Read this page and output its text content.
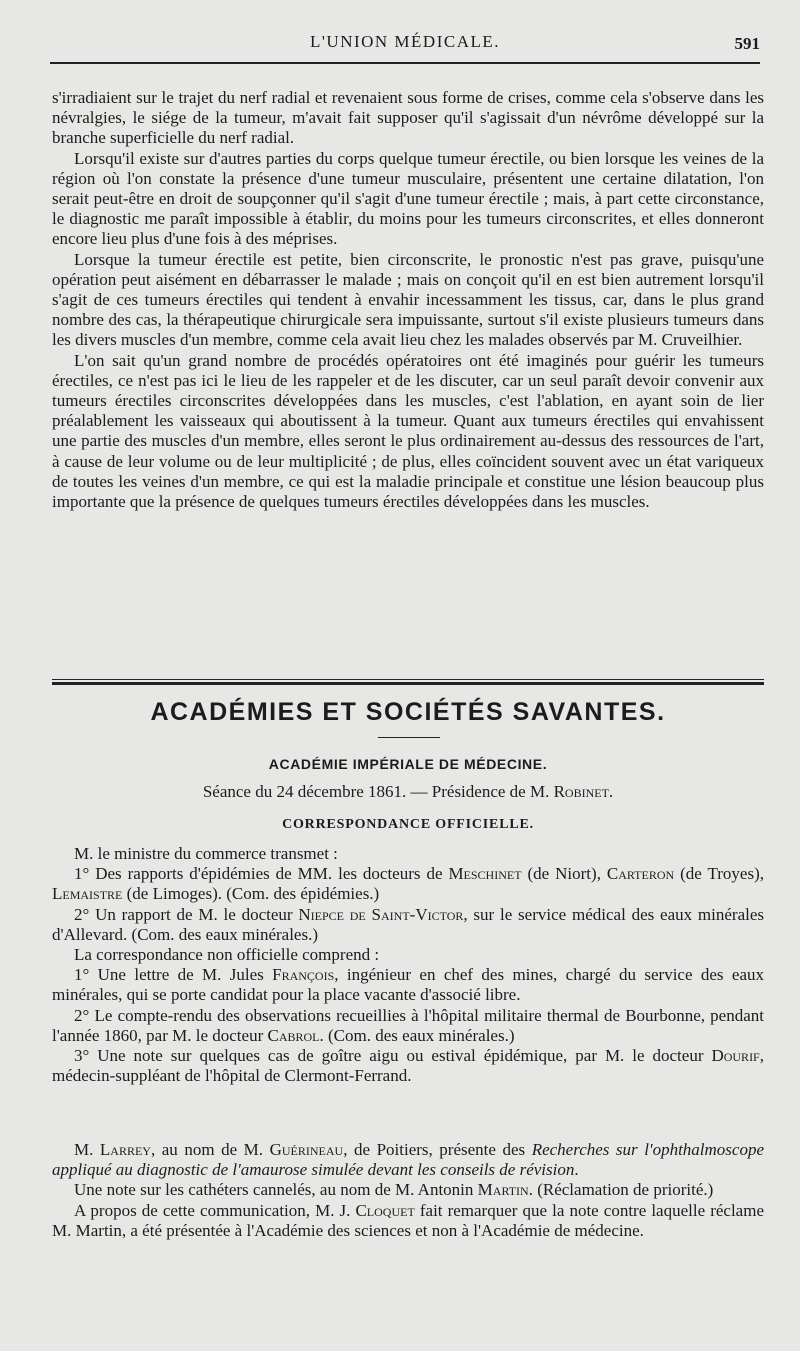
L'UNION MÉDICALE.	591

s'irradiaient sur le trajet du nerf radial et revenaient sous forme de crises, comme cela s'observe dans les névralgies, le siége de la tumeur, m'avait fait supposer qu'il s'agissait d'un névrôme développé sur la branche superficielle du nerf radial.

Lorsqu'il existe sur d'autres parties du corps quelque tumeur érectile, ou bien lorsque les veines de la région où l'on constate la présence d'une tumeur musculaire, présentent une certaine dilatation, l'on serait peut-être en droit de soupçonner qu'il s'agit d'une tumeur érectile ; mais, à part cette circonstance, le diagnostic me paraît impossible à établir, du moins pour les tumeurs circonscrites, et elles donneront encore lieu plus d'une fois à des méprises.

Lorsque la tumeur érectile est petite, bien circonscrite, le pronostic n'est pas grave, puisqu'une opération peut aisément en débarrasser le malade ; mais on conçoit qu'il en est bien autrement lorsqu'il s'agit de ces tumeurs érectiles qui tendent à envahir incessamment les tissus, car, dans le plus grand nombre des cas, la thérapeutique chirurgicale sera impuissante, surtout s'il existe plusieurs tumeurs dans les divers muscles d'un membre, comme cela avait lieu chez les malades observés par M. Cruveilhier.

L'on sait qu'un grand nombre de procédés opératoires ont été imaginés pour guérir les tumeurs érectiles, ce n'est pas ici le lieu de les rappeler et de les discuter, car un seul paraît devoir convenir aux tumeurs érectiles circonscrites développées dans les muscles, c'est l'ablation, en ayant soin de lier préalablement les vaisseaux qui aboutissent à la tumeur. Quant aux tumeurs érectiles qui envahissent une partie des muscles d'un membre, elles seront le plus ordinairement au-dessus des ressources de l'art, à cause de leur volume ou de leur multiplicité ; de plus, elles coïncident souvent avec un état variqueux de toutes les veines d'un membre, ce qui est la maladie principale et constitue une lésion beaucoup plus importante que la présence de quelques tumeurs érectiles développées dans les muscles.

ACADÉMIES ET SOCIÉTÉS SAVANTES.
ACADÉMIE IMPÉRIALE DE MÉDECINE.
Séance du 24 décembre 1861. — Présidence de M. Robinet.
CORRESPONDANCE OFFICIELLE.

M. le ministre du commerce transmet :

1° Des rapports d'épidémies de MM. les docteurs de Meschinet (de Niort), Carteron (de Troyes), Lemaistre (de Limoges). (Com. des épidémies.)

2° Un rapport de M. le docteur Niepce de Saint-Victor, sur le service médical des eaux minérales d'Allevard. (Com. des eaux minérales.)

La correspondance non officielle comprend :

1° Une lettre de M. Jules François, ingénieur en chef des mines, chargé du service des eaux minérales, qui se porte candidat pour la place vacante d'associé libre.

2° Le compte-rendu des observations recueillies à l'hôpital militaire thermal de Bourbonne, pendant l'année 1860, par M. le docteur Cabrol. (Com. des eaux minérales.)

3° Une note sur quelques cas de goître aigu ou estival épidémique, par M. le docteur Dourif, médecin-suppléant de l'hôpital de Clermont-Ferrand.

M. Larrey, au nom de M. Guérineau, de Poitiers, présente des Recherches sur l'ophthalmoscope appliqué au diagnostic de l'amaurose simulée devant les conseils de révision.

Une note sur les cathéters cannelés, au nom de M. Antonin Martin. (Réclamation de priorité.)

A propos de cette communication, M. J. Cloquet fait remarquer que la note contre laquelle réclame M. Martin, a été présentée à l'Académie des sciences et non à l'Académie de médecine.
